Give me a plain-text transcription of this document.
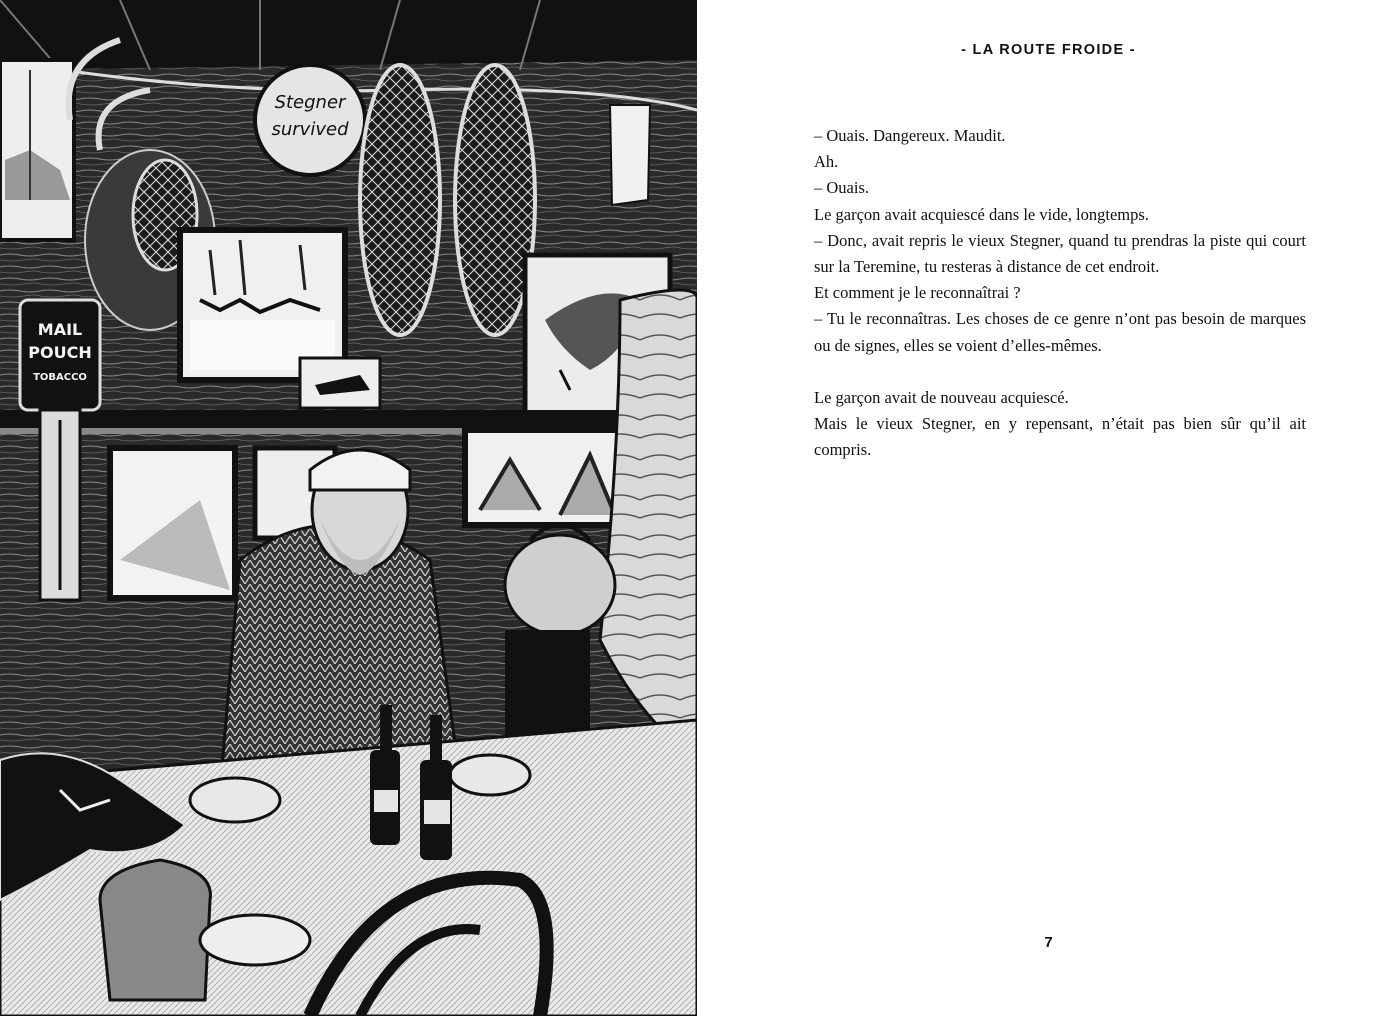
Stegner
survived
MAIL
POUCH
TOBACCO
- LA ROUTE FROIDE -

– Ouais. Dangereux. Maudit.

Ah.

– Ouais.

Le garçon avait acquiescé dans le vide, longtemps.

– Donc, avait repris le vieux Stegner, quand tu prendras la piste qui court sur la Teremine, tu resteras à distance de cet endroit.

Et comment je le reconnaîtrai ?

– Tu le reconnaîtras. Les choses de ce genre n’ont pas besoin de marques ou de signes, elles se voient d’elles-mêmes.

Le garçon avait de nouveau acquiescé.

Mais le vieux Stegner, en y repensant, n’était pas bien sûr qu’il ait compris.

7
